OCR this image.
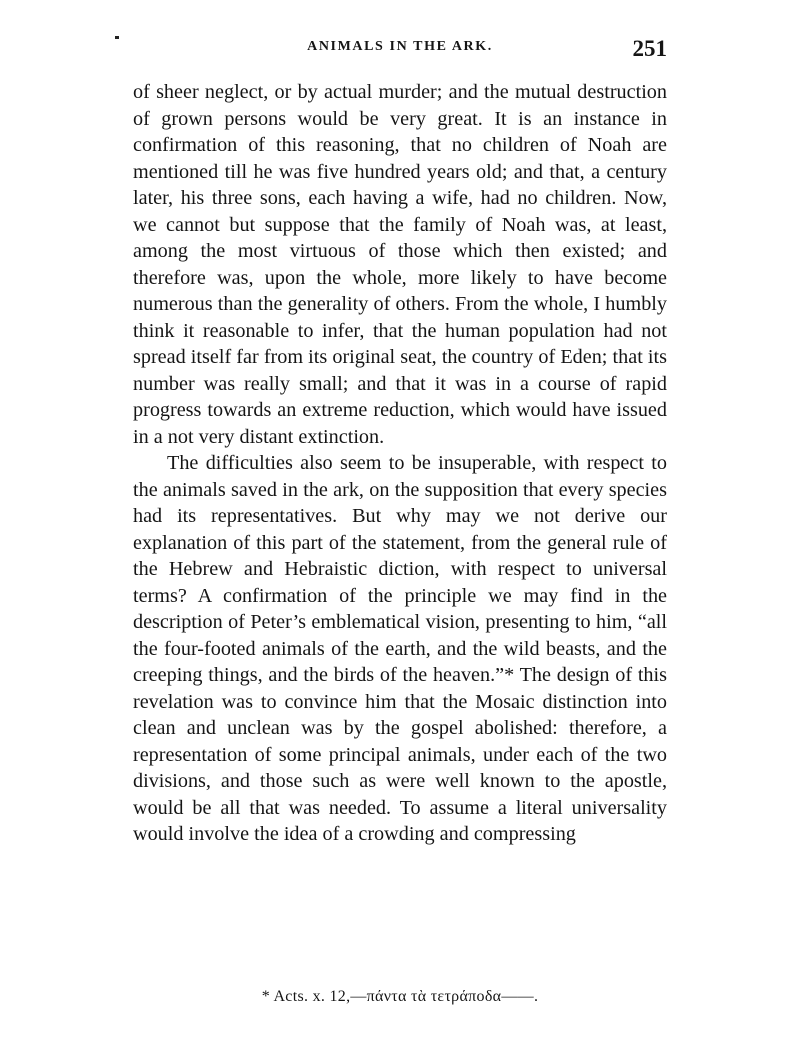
ANIMALS IN THE ARK.	251

of sheer neglect, or by actual murder; and the mutual destruction of grown persons would be very great. It is an instance in confirmation of this reasoning, that no children of Noah are mentioned till he was five hundred years old; and that, a century later, his three sons, each having a wife, had no children. Now, we cannot but suppose that the family of Noah was, at least, among the most virtuous of those which then existed; and therefore was, upon the whole, more likely to have become numerous than the generality of others. From the whole, I humbly think it reasonable to infer, that the human population had not spread itself far from its original seat, the country of Eden; that its number was really small; and that it was in a course of rapid progress towards an extreme reduction, which would have issued in a not very distant extinction.

The difficulties also seem to be insuperable, with respect to the animals saved in the ark, on the supposition that every species had its representatives. But why may we not derive our explanation of this part of the statement, from the general rule of the Hebrew and Hebraistic diction, with respect to universal terms? A confirmation of the principle we may find in the description of Peter’s emblematical vision, presenting to him, “all the four-footed animals of the earth, and the wild beasts, and the creeping things, and the birds of the heaven.”* The design of this revelation was to convince him that the Mosaic distinction into clean and unclean was by the gospel abolished: therefore, a representation of some principal animals, under each of the two divisions, and those such as were well known to the apostle, would be all that was needed. To assume a literal universality would involve the idea of a crowding and compressing

* Acts. x. 12,—πάντα τὰ τετράποδα——.
